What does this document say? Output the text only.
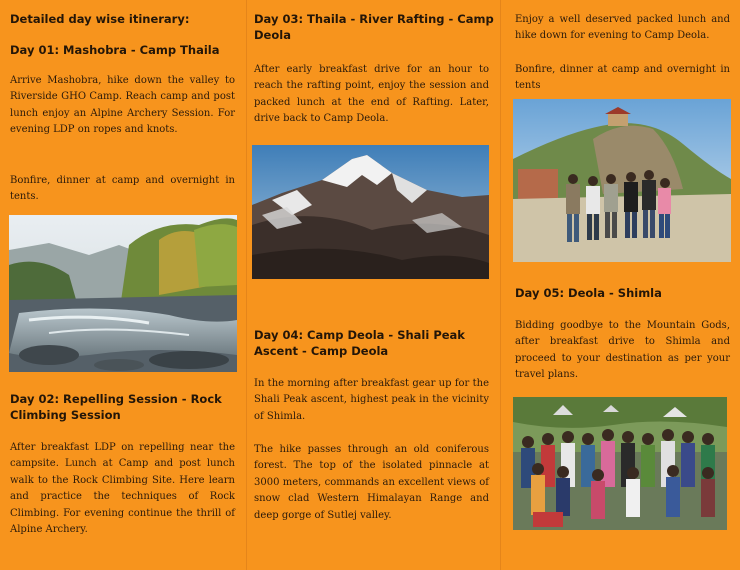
Detailed day wise itinerary:

Day 01: Mashobra - Camp Thaila

Arrive Mashobra, hike down the valley to Riverside GHO Camp. Reach camp and post lunch enjoy an Alpine Archery Session. For evening LDP on ropes and knots.

Bonfire, dinner at camp and overnight in tents.

Day 02: Repelling Session - Rock Climbing Session

After breakfast LDP on repelling near the campsite. Lunch at Camp and post lunch walk to the Rock Climbing Site. Here learn and practice the techniques of Rock Climbing. For evening continue the thrill of Alpine Archery.

Day 03: Thaila - River Rafting - Camp Deola

After early breakfast drive for an hour to reach the rafting point, enjoy the session and packed lunch at the end of Rafting. Later, drive back to Camp Deola.

Day 04: Camp Deola - Shali Peak Ascent - Camp Deola

In the morning after breakfast gear up for the Shali Peak ascent, highest peak in the vicinity of Shimla.

The hike passes through an old coniferous forest. The top of the isolated pinnacle at 3000 meters, commands an excellent views of snow clad Western Himalayan Range and deep gorge of Sutlej valley.

Enjoy a well deserved packed lunch and hike down for evening to Camp Deola.

Bonfire, dinner at camp and overnight in tents

Day 05: Deola - Shimla

Bidding goodbye to the Mountain Gods, after breakfast drive to Shimla and proceed to your destination as per your travel plans.
